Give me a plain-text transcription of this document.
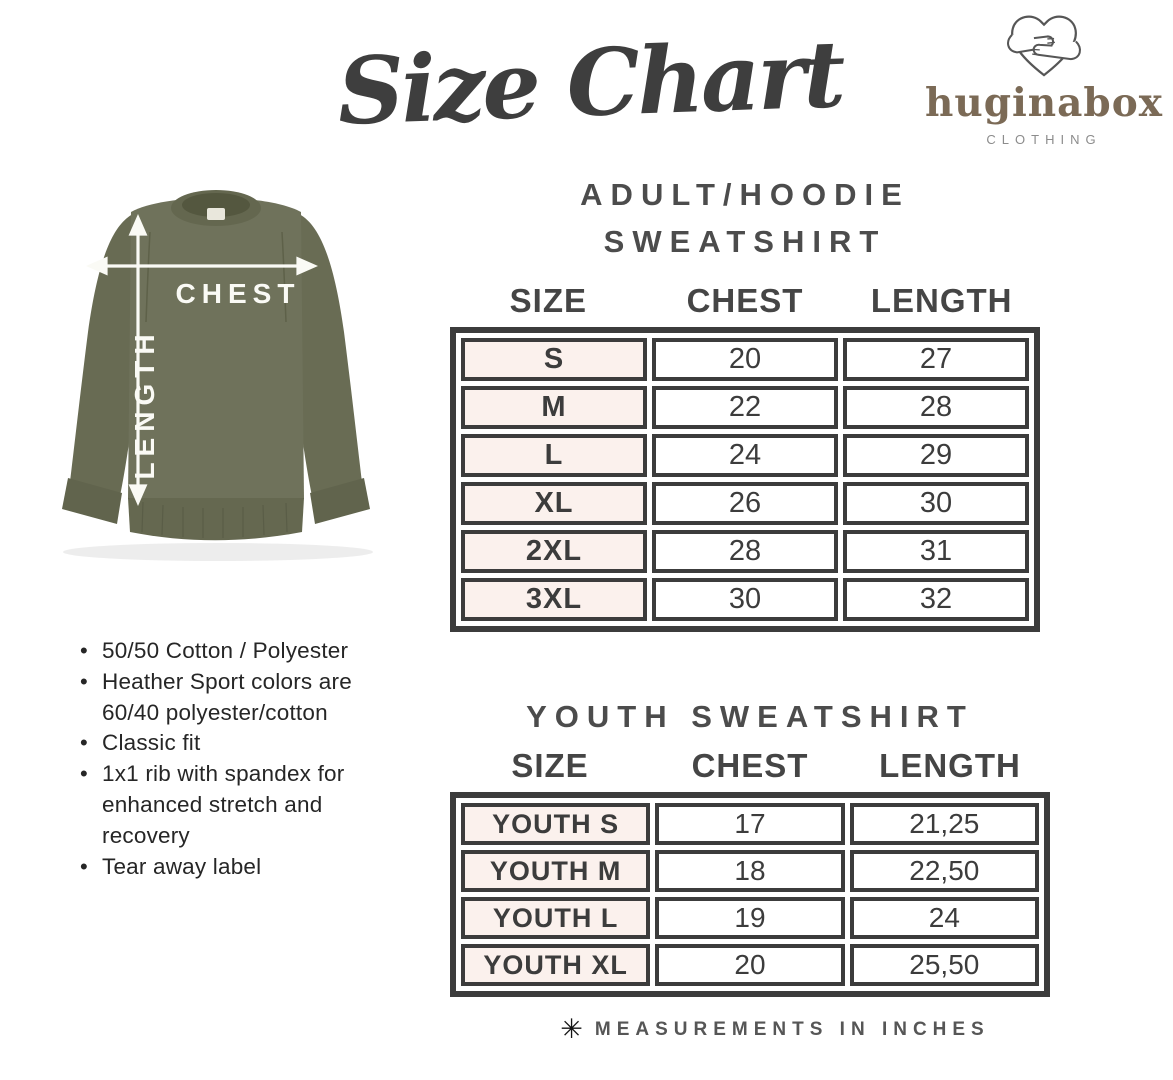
Size Chart huginabox
CLOTHING
CHEST
LENGTH
ADULT/HOODIE
SWEATSHIRT
SIZE	CHEST	LENGTH
S	20	27
M	22	28
L	24	29
XL	26	30
2XL	28	31
3XL	30	32
• 50/50 Cotton / Polyester
• Heather Sport colors are 60/40 polyester/cotton
• Classic fit
• 1x1 rib with spandex for enhanced stretch and recovery
• Tear away label
YOUTH SWEATSHIRT
SIZE	CHEST	LENGTH
YOUTH S	17	21,25
YOUTH M	18	22,50
YOUTH L	19	24
YOUTH XL	20	25,50
✳ MEASUREMENTS IN INCHES
